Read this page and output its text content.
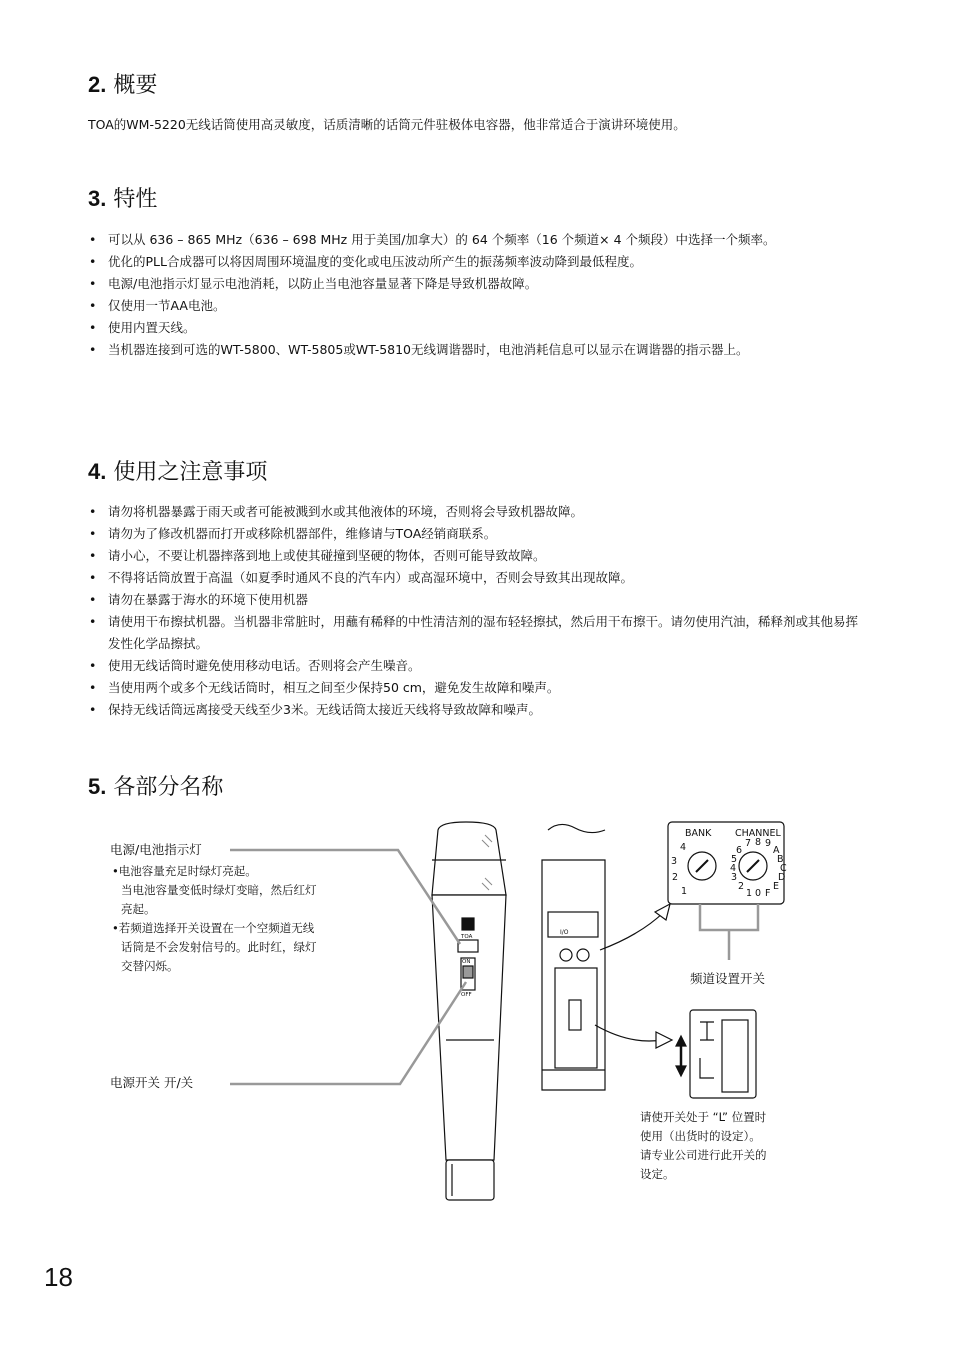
2. 概要

TOA的WM-5220无线话筒使用高灵敏度，话质清晰的话筒元件驻极体电容器，他非常适合于演讲环境使用。

3. 特性
• 可以从 636 – 865 MHz（636 – 698 MHz 用于美国/加拿大）的 64 个频率（16 个频道× 4 个频段）中选择一个频率。
• 优化的PLL合成器可以将因周围环境温度的变化或电压波动所产生的振荡频率波动降到最低程度。
• 电源/电池指示灯显示电池消耗，以防止当电池容量显著下降是导致机器故障。
• 仅使用一节AA电池。
• 使用内置天线。
• 当机器连接到可选的WT-5800、WT-5805或WT-5810无线调谐器时，电池消耗信息可以显示在调谐器的指示器上。
4. 使用之注意事项
• 请勿将机器暴露于雨天或者可能被溅到水或其他液体的环境，否则将会导致机器故障。
• 请勿为了修改机器而打开或移除机器部件，维修请与TOA经销商联系。
• 请小心，不要让机器摔落到地上或使其碰撞到坚硬的物体，否则可能导致故障。
• 不得将话筒放置于高温（如夏季时通风不良的汽车内）或高湿环境中，否则会导致其出现故障。
• 请勿在暴露于海水的环境下使用机器
• 请使用干布擦拭机器。当机器非常脏时，用蘸有稀释的中性清洁剂的湿布轻轻擦拭，然后用干布擦干。请勿使用汽油，稀释剂或其他易挥发性化学品擦拭。
• 使用无线话筒时避免使用移动电话。否则将会产生噪音。
• 当使用两个或多个无线话筒时，相互之间至少保持50 cm，避免发生故障和噪声。
• 保持无线话筒远离接受天线至少3米。无线话筒太接近天线将导致故障和噪声。
5. 各部分名称
I/O
BANK CHANNEL
1
2
3
4
0
1
2
3
4
5
6
7 8 9
A
B
C
D
E
F
TOA
ON
OFF
电源/电池指示灯
•电池容量充足时绿灯亮起。
当电池容量变低时绿灯变暗，然后红灯
亮起。
•若频道选择开关设置在一个空频道无线
话筒是不会发射信号的。此时红，绿灯
交替闪烁。
电源开关 开/关
频道设置开关
请使开关处于 “L” 位置时
使用（出货时的设定）。
请专业公司进行此开关的
设定。
18
